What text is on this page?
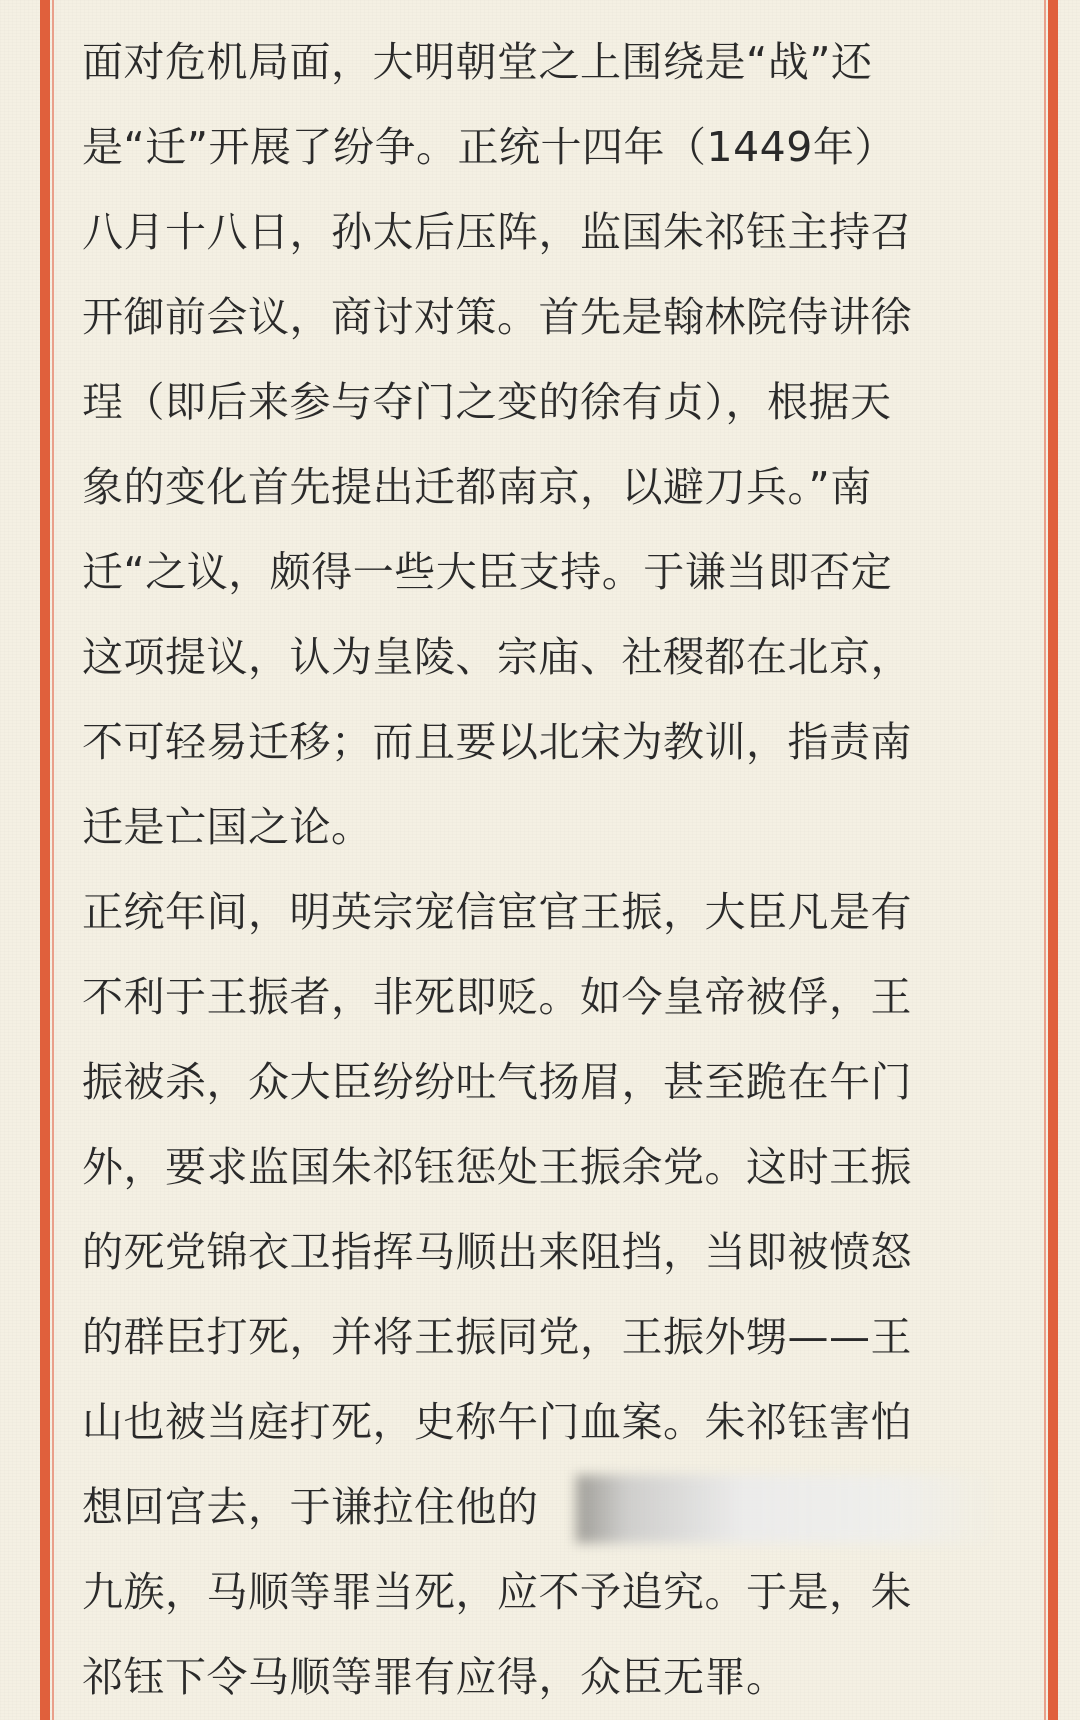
面对危机局面，大明朝堂之上围绕是“战”还
是“迁”开展了纷争。正统十四年（1449年）
八月十八日，孙太后压阵，监国朱祁钰主持召
开御前会议，商讨对策。首先是翰林院侍讲徐
珵（即后来参与夺门之变的徐有贞），根据天
象的变化首先提出迁都南京，以避刀兵。”南
迁“之议，颇得一些大臣支持。于谦当即否定
这项提议，认为皇陵、宗庙、社稷都在北京，
不可轻易迁移；而且要以北宋为教训，指责南
迁是亡国之论。
正统年间，明英宗宠信宦官王振，大臣凡是有
不利于王振者，非死即贬。如今皇帝被俘，王
振被杀，众大臣纷纷吐气扬眉，甚至跪在午门
外，要求监国朱祁钰惩处王振余党。这时王振
的死党锦衣卫指挥马顺出来阻挡，当即被愤怒
的群臣打死，并将王振同党，王振外甥——王
山也被当庭打死，史称午门血案。朱祁钰害怕
想回宫去，于谦拉住他的
九族，马顺等罪当死，应不予追究。于是，朱
祁钰下令马顺等罪有应得，众臣无罪。
